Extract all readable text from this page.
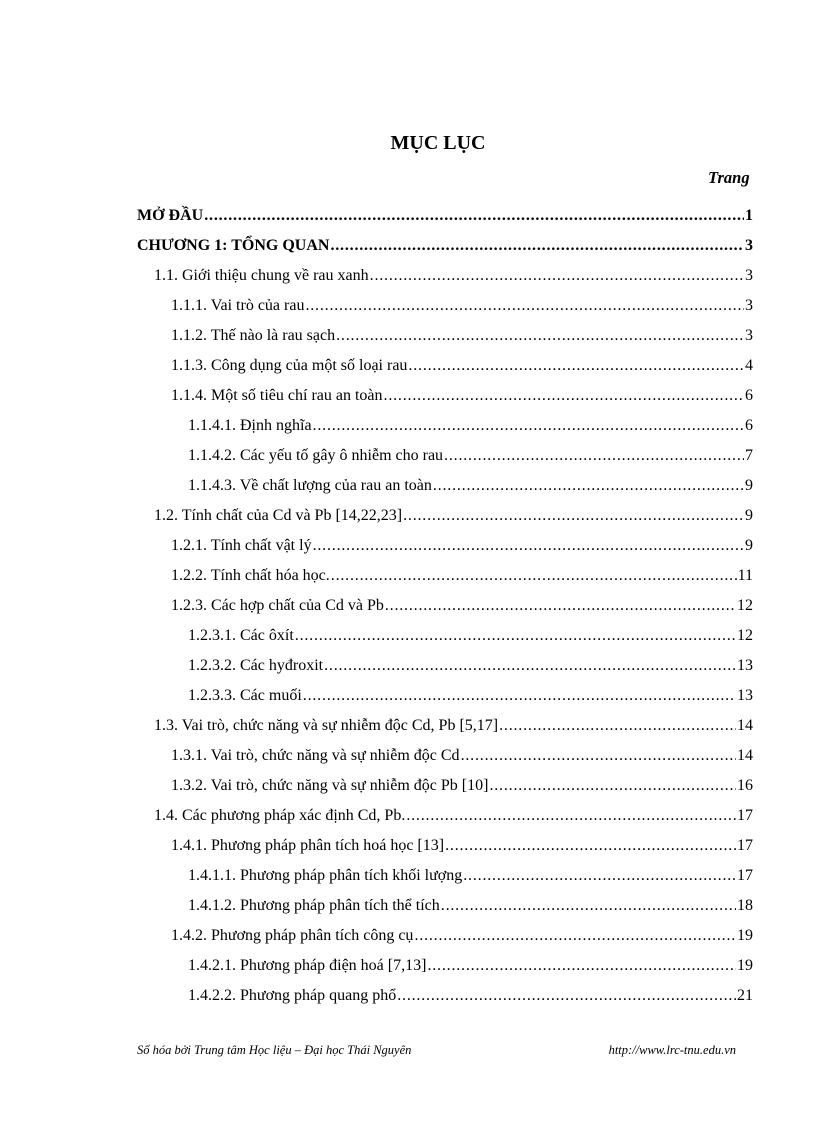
MỤC LỤC
Trang
MỞ ĐẦU . . .	1
CHƯƠNG 1: TỔNG QUAN . . .	3
1.1. Giới thiệu chung về rau xanh . . .	3
1.1.1. Vai trò của rau . . .	3
1.1.2. Thế nào là rau sạch . . .	3
1.1.3. Công dụng của một số loại rau . . .	4
1.1.4. Một số tiêu chí rau an toàn . . .	6
1.1.4.1. Định nghĩa . . .	6
1.1.4.2. Các yếu tố gây ô nhiễm cho rau . . .	7
1.1.4.3. Về chất lượng của rau an toàn . . .	9
1.2. Tính chất của Cd và Pb [14,22,23] . . .	9
1.2.1. Tính chất vật lý . . .	9
1.2.2. Tính chất hóa học. . . .	11
1.2.3. Các hợp chất của Cd và Pb . . .	12
1.2.3.1. Các ôxít . . .	12
1.2.3.2. Các hyđroxit . . .	13
1.2.3.3. Các muối . . .	13
1.3. Vai trò, chức năng và sự nhiễm độc Cd, Pb [5,17] . . .	14
1.3.1. Vai trò, chức năng và sự nhiễm độc Cd . . .	14
1.3.2. Vai trò, chức năng và sự nhiễm độc Pb [10] . . .	16
1.4. Các phương pháp xác định Cd, Pb. . . .	17
1.4.1. Phương pháp phân tích hoá học [13] . . .	17
1.4.1.1. Phương pháp phân tích khối lượng . . .	17
1.4.1.2. Phương pháp phân tích thể tích . . .	18
1.4.2. Phương pháp phân tích công cụ . . .	19
1.4.2.1. Phương pháp điện hoá [7,13] . . .	19
1.4.2.2. Phương pháp quang phổ . . .	21
Số hóa bởi Trung tâm Học liệu – Đại học Thái Nguyên	http://www.lrc-tnu.edu.vn
